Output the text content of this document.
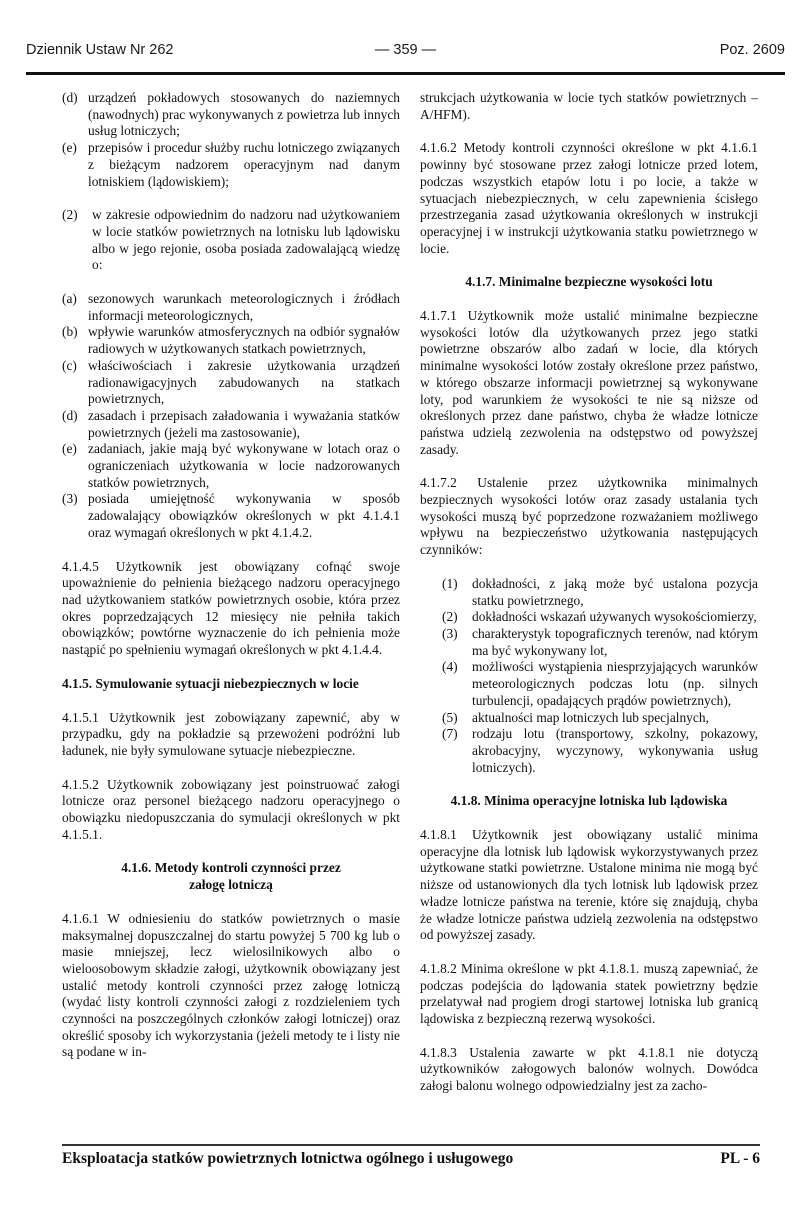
Dziennik Ustaw Nr 262	— 359 —	Poz. 2609
(d) urządzeń pokładowych stosowanych do naziemnych (nawodnych) prac wykonywanych z powietrza lub innych usług lotniczych;
(e) przepisów i procedur służby ruchu lotniczego związanych z bieżącym nadzorem operacyjnym nad danym lotniskiem (lądowiskiem);
(2) w zakresie odpowiednim do nadzoru nad użytkowaniem w locie statków powietrznych na lotnisku lub lądowisku albo w jego rejonie, osoba posiada zadowalającą wiedzę o:
(a) sezonowych warunkach meteorologicznych i źródłach informacji meteorologicznych,
(b) wpływie warunków atmosferycznych na odbiór sygnałów radiowych w użytkowanych statkach powietrznych,
(c) właściwościach i zakresie użytkowania urządzeń radionawigacyjnych zabudowanych na statkach powietrznych,
(d) zasadach i przepisach załadowania i wyważania statków powietrznych (jeżeli ma zastosowanie),
(e) zadaniach, jakie mają być wykonywane w lotach oraz o ograniczeniach użytkowania w locie nadzorowanych statków powietrznych,
(3) posiada umiejętność wykonywania w sposób zadowalający obowiązków określonych w pkt 4.1.4.1 oraz wymagań określonych w pkt 4.1.4.2.

4.1.4.5 Użytkownik jest obowiązany cofnąć swoje upoważnienie do pełnienia bieżącego nadzoru operacyjnego nad użytkowaniem statków powietrznych osobie, która przez okres poprzedzających 12 miesięcy nie pełniła takich obowiązków; powtórne wyznaczenie do ich pełnienia może nastąpić po spełnieniu wymagań określonych w pkt 4.1.4.4.

4.1.5. Symulowanie sytuacji niebezpiecznych w locie

4.1.5.1 Użytkownik jest zobowiązany zapewnić, aby w przypadku, gdy na pokładzie są przewożeni podróżni lub ładunek, nie były symulowane sytuacje niebezpieczne.

4.1.5.2 Użytkownik zobowiązany jest poinstruować załogi lotnicze oraz personel bieżącego nadzoru operacyjnego o obowiązku niedopuszczania do symulacji określonych w pkt 4.1.5.1.

4.1.6. Metody kontroli czynności przez
załogę lotniczą

4.1.6.1 W odniesieniu do statków powietrznych o masie maksymalnej dopuszczalnej do startu powyżej 5 700 kg lub o masie mniejszej, lecz wielosilnikowych albo o wieloosobowym składzie załogi, użytkownik obowiązany jest ustalić metody kontroli czynności przez załogę lotniczą (wydać listy kontroli czynności załogi z rozdzieleniem tych czynności na poszczególnych członków załogi lotniczej) oraz określić sposoby ich wykorzystania (jeżeli metody te i listy nie są podane w in-

strukcjach użytkowania w locie tych statków powietrznych – A/HFM).

4.1.6.2 Metody kontroli czynności określone w pkt 4.1.6.1 powinny być stosowane przez załogi lotnicze przed lotem, podczas wszystkich etapów lotu i po locie, a także w sytuacjach niebezpiecznych, w celu zapewnienia ścisłego przestrzegania zasad użytkowania określonych w instrukcji operacyjnej i w instrukcji użytkowania statku powietrznego w locie.

4.1.7. Minimalne bezpieczne wysokości lotu

4.1.7.1 Użytkownik może ustalić minimalne bezpieczne wysokości lotów dla użytkowanych przez jego statki powietrzne obszarów albo zadań w locie, dla których minimalne wysokości lotów zostały określone przez państwo, w którego obszarze informacji powietrznej są wykonywane loty, pod warunkiem że wysokości te nie są niższe od określonych przez dane państwo, chyba że władze lotnicze państwa udzielą zezwolenia na odstępstwo od powyższej zasady.

4.1.7.2 Ustalenie przez użytkownika minimalnych bezpiecznych wysokości lotów oraz zasady ustalania tych wysokości muszą być poprzedzone rozważaniem możliwego wpływu na bezpieczeństwo użytkowania następujących czynników:

(1) dokładności, z jaką może być ustalona pozycja statku powietrznego,
(2) dokładności wskazań używanych wysokościomierzy,
(3) charakterystyk topograficznych terenów, nad którym ma być wykonywany lot,
(4) możliwości wystąpienia niesprzyjających warunków meteorologicznych podczas lotu (np. silnych turbulencji, opadających prądów powietrznych),
(5) aktualności map lotniczych lub specjalnych,
(7) rodzaju lotu (transportowy, szkolny, pokazowy, akrobacyjny, wyczynowy, wykonywania usług lotniczych).
4.1.8. Minima operacyjne lotniska lub lądowiska

4.1.8.1 Użytkownik jest obowiązany ustalić minima operacyjne dla lotnisk lub lądowisk wykorzystywanych przez użytkowane statki powietrzne. Ustalone minima nie mogą być niższe od ustanowionych dla tych lotnisk lub lądowisk przez władze lotnicze państwa na terenie, które się znajdują, chyba że władze lotnicze państwa udzielą zezwolenia na odstępstwo od powyższej zasady.

4.1.8.2 Minima określone w pkt 4.1.8.1. muszą zapewniać, że podczas podejścia do lądowania statek powietrzny będzie przelatywał nad progiem drogi startowej lotniska lub granicą lądowiska z bezpieczną rezerwą wysokości.

4.1.8.3 Ustalenia zawarte w pkt 4.1.8.1 nie dotyczą użytkowników załogowych balonów wolnych. Dowódca załogi balonu wolnego odpowiedzialny jest za zacho-

Eksploatacja statków powietrznych lotnictwa ogólnego i usługowego	PL - 6
